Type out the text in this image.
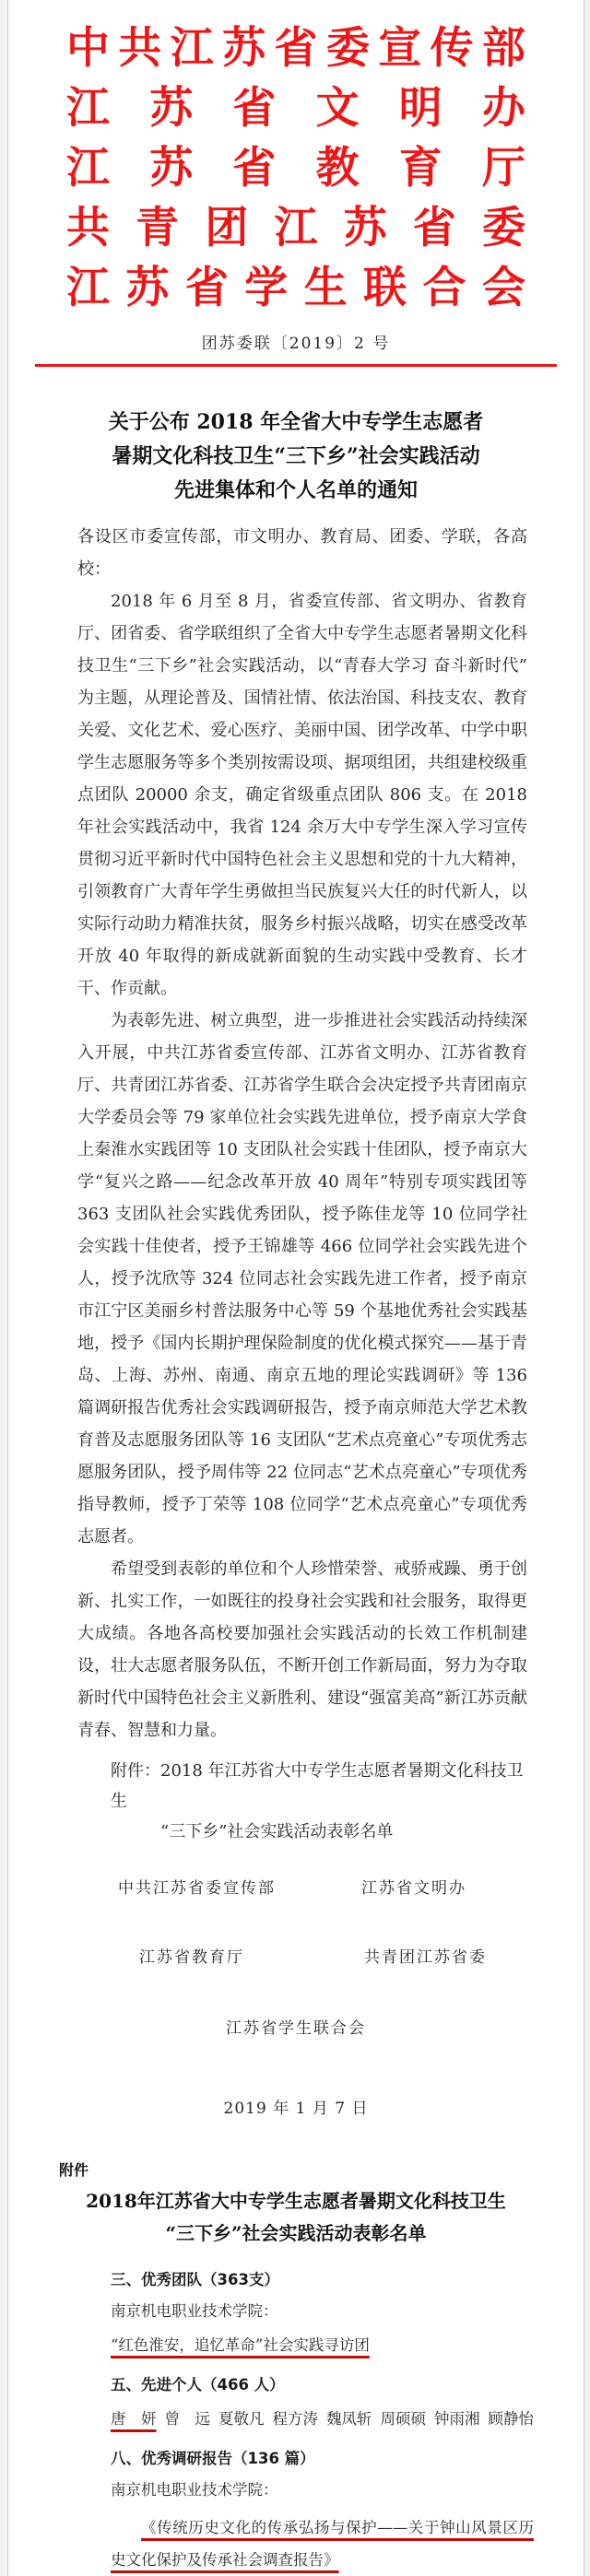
中 共 江 苏 省 委 宣 传 部
江 苏 省 文 明 办
江 苏 省 教 育 厅
共 青 团 江 苏 省 委
江 苏 省 学 生 联 合 会
团苏委联〔2019〕2 号
关于公布 2018 年全省大中专学生志愿者
暑期文化科技卫生“三下乡”社会实践活动
先进集体和个人名单的通知

各设区市委宣传部，市文明办、教育局、团委、学联，各高校：

2018 年 6 月至 8 月，省委宣传部、省文明办、省教育厅、团省委、省学联组织了全省大中专学生志愿者暑期文化科技卫生“三下乡”社会实践活动，以“青春大学习 奋斗新时代”为主题，从理论普及、国情社情、依法治国、科技支农、教育关爱、文化艺术、爱心医疗、美丽中国、团学改革、中学中职学生志愿服务等多个类别按需设项、据项组团，共组建校级重点团队 20000 余支，确定省级重点团队 806 支。在 2018 年社会实践活动中，我省 124 余万大中专学生深入学习宣传贯彻习近平新时代中国特色社会主义思想和党的十九大精神，引领教育广大青年学生勇做担当民族复兴大任的时代新人，以实际行动助力精准扶贫，服务乡村振兴战略，切实在感受改革开放 40 年取得的新成就新面貌的生动实践中受教育、长才干、作贡献。

为表彰先进、树立典型，进一步推进社会实践活动持续深入开展，中共江苏省委宣传部、江苏省文明办、江苏省教育厅、共青团江苏省委、江苏省学生联合会决定授予共青团南京大学委员会等 79 家单位社会实践先进单位，授予南京大学食上秦淮水实践团等 10 支团队社会实践十佳团队，授予南京大学“复兴之路——纪念改革开放 40 周年”特别专项实践团等 363 支团队社会实践优秀团队，授予陈佳龙等 10 位同学社会实践十佳使者，授予王锦雄等 466 位同学社会实践先进个人，授予沈欣等 324 位同志社会实践先进工作者，授予南京市江宁区美丽乡村普法服务中心等 59 个基地优秀社会实践基地，授予《国内长期护理保险制度的优化模式探究——基于青岛、上海、苏州、南通、南京五地的理论实践调研》等 136 篇调研报告优秀社会实践调研报告，授予南京师范大学艺术教育普及志愿服务团队等 16 支团队“艺术点亮童心”专项优秀志愿服务团队，授予周伟等 22 位同志“艺术点亮童心”专项优秀指导教师，授予丁荣等 108 位同学“艺术点亮童心”专项优秀志愿者。

希望受到表彰的单位和个人珍惜荣誉、戒骄戒躁、勇于创新、扎实工作，一如既往的投身社会实践和社会服务，取得更大成绩。各地各高校要加强社会实践活动的长效工作机制建设，壮大志愿者服务队伍，不断开创工作新局面，努力为夺取新时代中国特色社会主义新胜利、建设“强富美高”新江苏贡献青春、智慧和力量。

附件：2018 年江苏省大中专学生志愿者暑期文化科技卫生
“三下乡”社会实践活动表彰名单
中共江苏省委宣传部	江苏省文明办
江苏省教育厅	共青团江苏省委
江苏省学生联合会
2019 年 1 月 7 日
附件
2018年江苏省大中专学生志愿者暑期文化科技卫生
“三下乡”社会实践活动表彰名单
三、优秀团队（363支）
南京机电职业技术学院：
“红色淮安，追忆革命”社会实践寻访团
五、先进个人（466 人）
唐　妍 曾　远 夏敬凡 程方涛 魏凤斩 周硕硕 钟雨湘 顾静怡
八、优秀调研报告（136 篇）
南京机电职业技术学院：
《传统历史文化的传承弘扬与保护——关于钟山风景区历史文化保护及传承社会调查报告》
